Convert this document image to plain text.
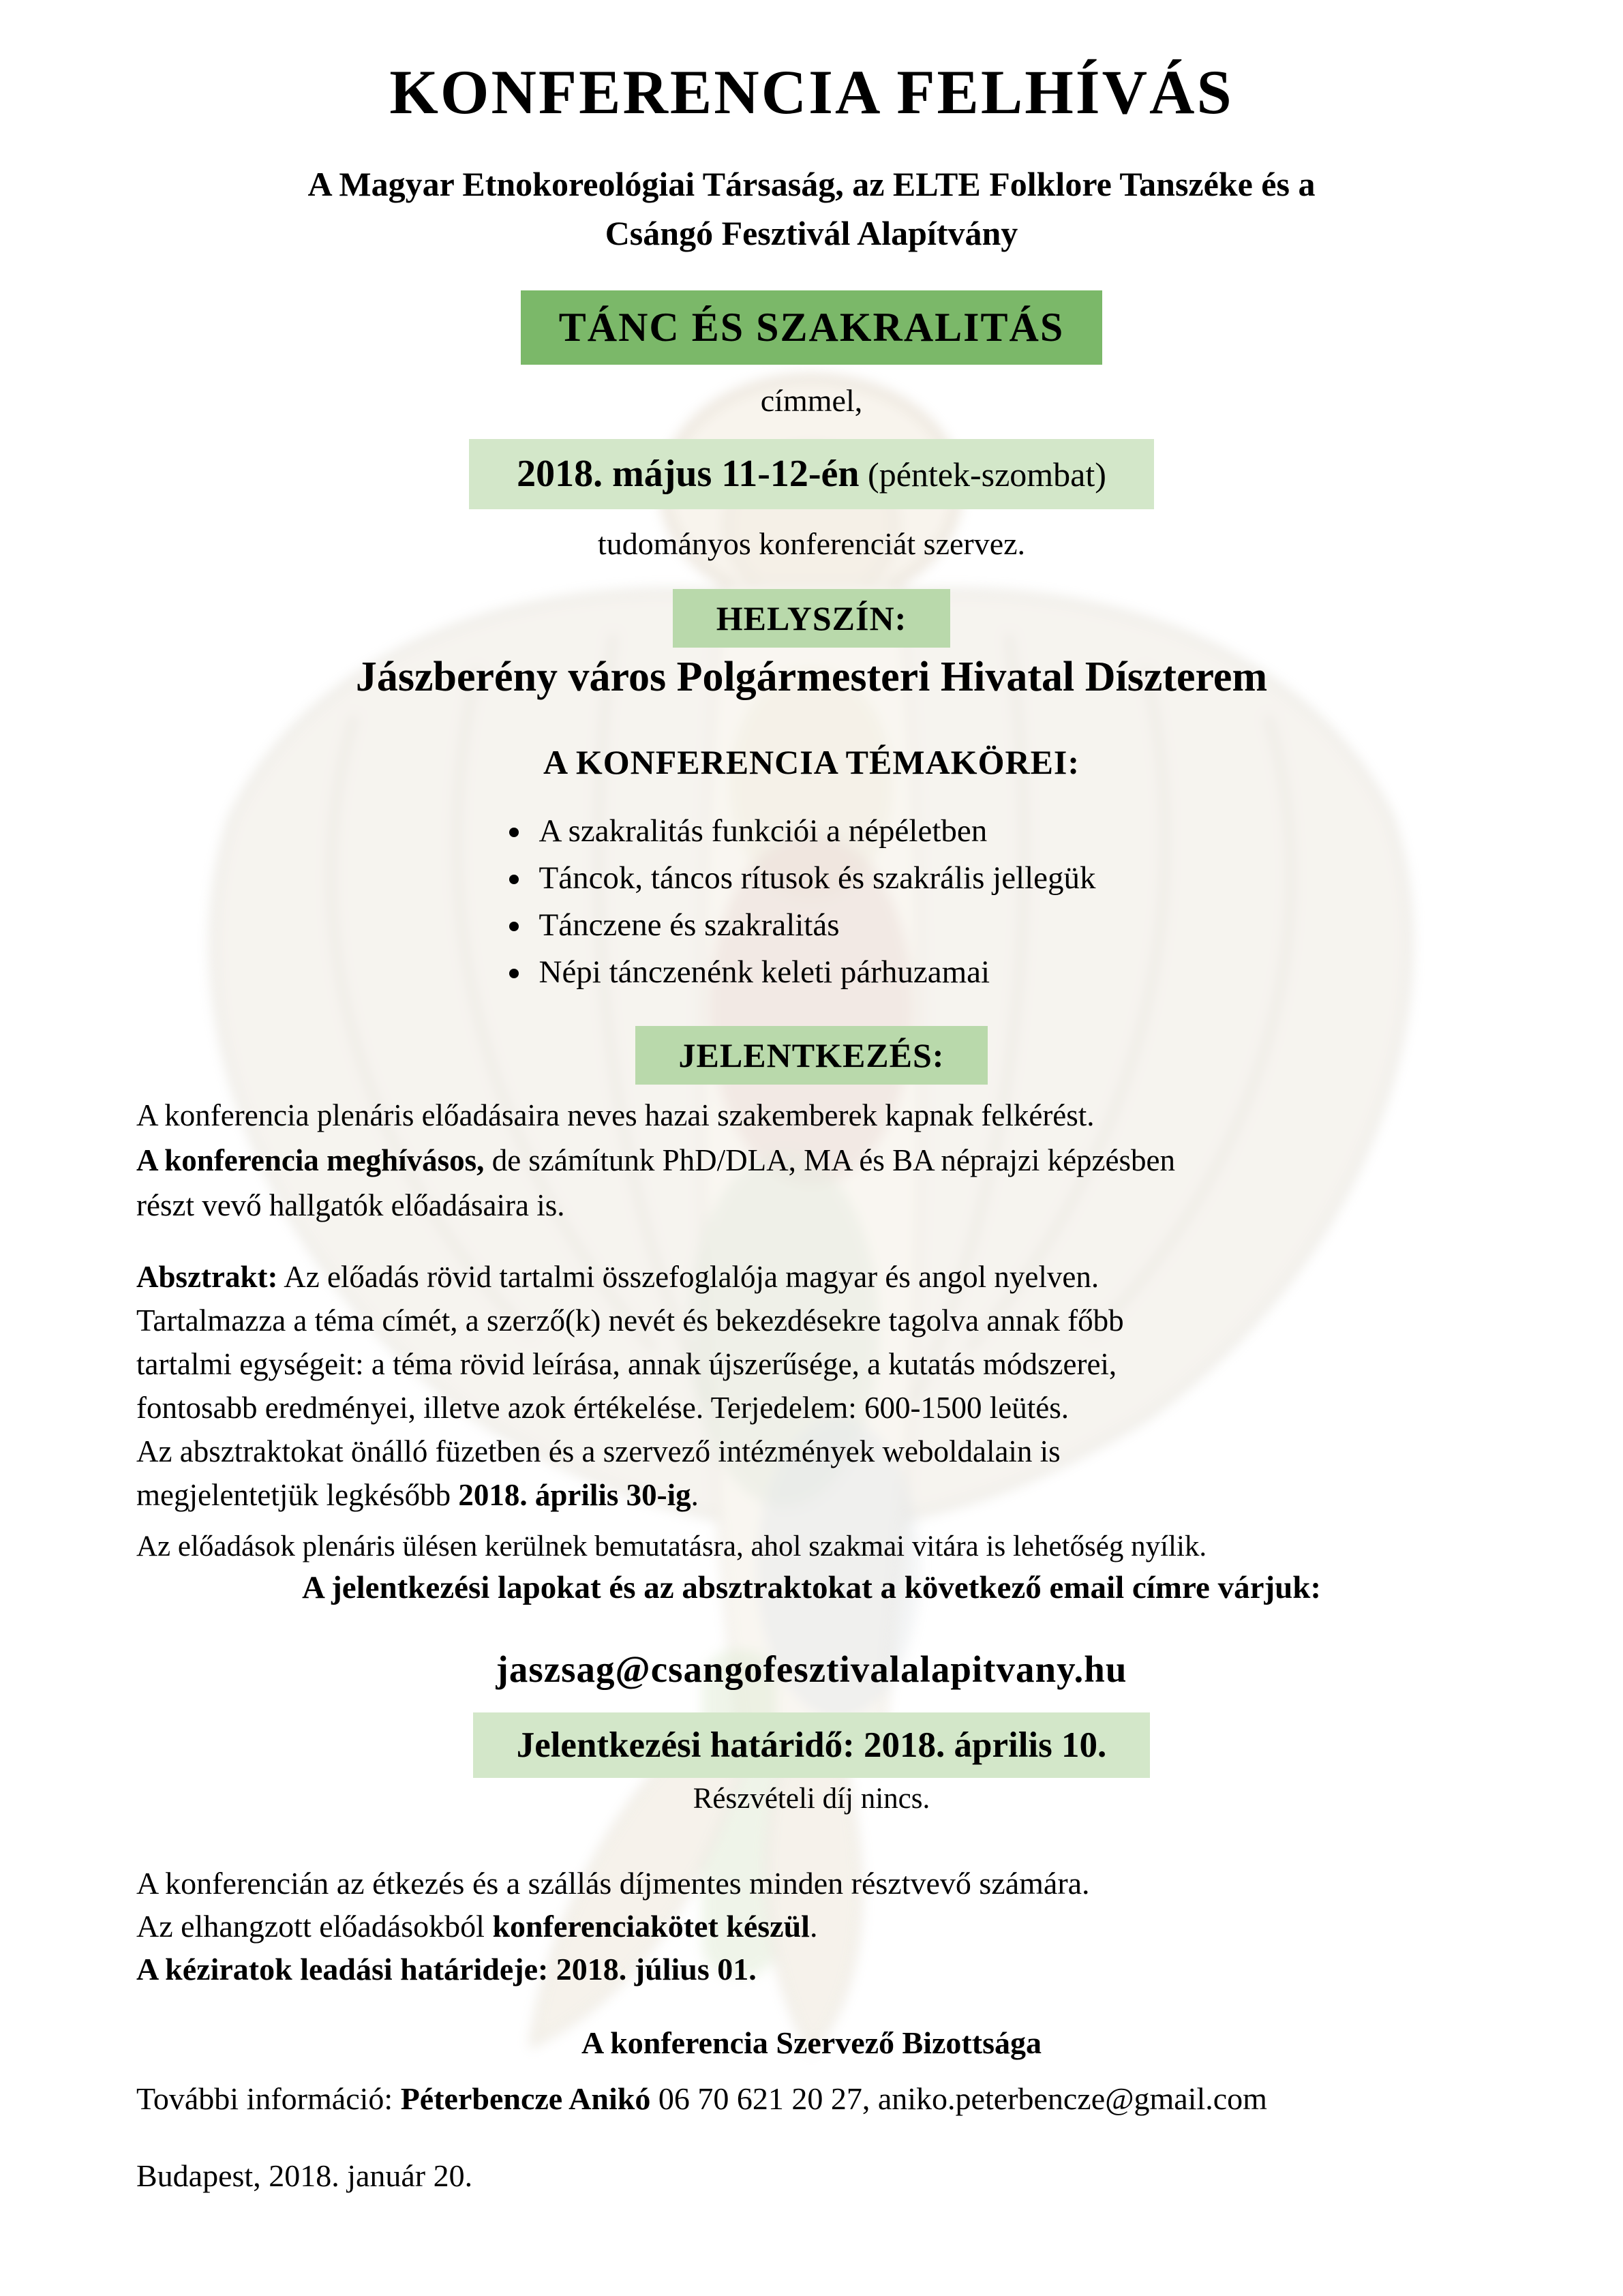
KONFERENCIA FELHÍVÁS
A Magyar Etnokoreológiai Társaság, az ELTE Folklore Tanszéke és a
Csángó Fesztivál Alapítvány
TÁNC ÉS SZAKRALITÁS
címmel,
2018. május 11-12-én (péntek-szombat)
tudományos konferenciát szervez.
HELYSZÍN:
Jászberény város Polgármesteri Hivatal Díszterem
A KONFERENCIA TÉMAKÖREI:
• A szakralitás funkciói a népéletben
• Táncok, táncos rítusok és szakrális jellegük
• Tánczene és szakralitás
• Népi tánczenénk keleti párhuzamai
JELENTKEZÉS:

A konferencia plenáris előadásaira neves hazai szakemberek kapnak felkérést.

A konferencia meghívásos, de számítunk PhD/DLA, MA és BA néprajzi képzésben
részt vevő hallgatók előadásaira is.

Absztrakt: Az előadás rövid tartalmi összefoglalója magyar és angol nyelven.
Tartalmazza a téma címét, a szerző(k) nevét és bekezdésekre tagolva annak főbb
tartalmi egységeit: a téma rövid leírása, annak újszerűsége, a kutatás módszerei,
fontosabb eredményei, illetve azok értékelése. Terjedelem: 600-1500 leütés.
Az absztraktokat önálló füzetben és a szervező intézmények weboldalain is
megjelentetjük legkésőbb 2018. április 30-ig.

Az előadások plenáris ülésen kerülnek bemutatásra, ahol szakmai vitára is lehetőség nyílik.

A jelentkezési lapokat és az absztraktokat a következő email címre várjuk:
jaszsag@csangofesztivalalapitvany.hu
Jelentkezési határidő: 2018. április 10.
Részvételi díj nincs.
A konferencián az étkezés és a szállás díjmentes minden résztvevő számára.
Az elhangzott előadásokból konferenciakötet készül.
A kéziratok leadási határideje: 2018. július 01.
A konferencia Szervező Bizottsága
További információ: Péterbencze Anikó 06 70 621 20 27, aniko.peterbencze@gmail.com
Budapest, 2018. január 20.
